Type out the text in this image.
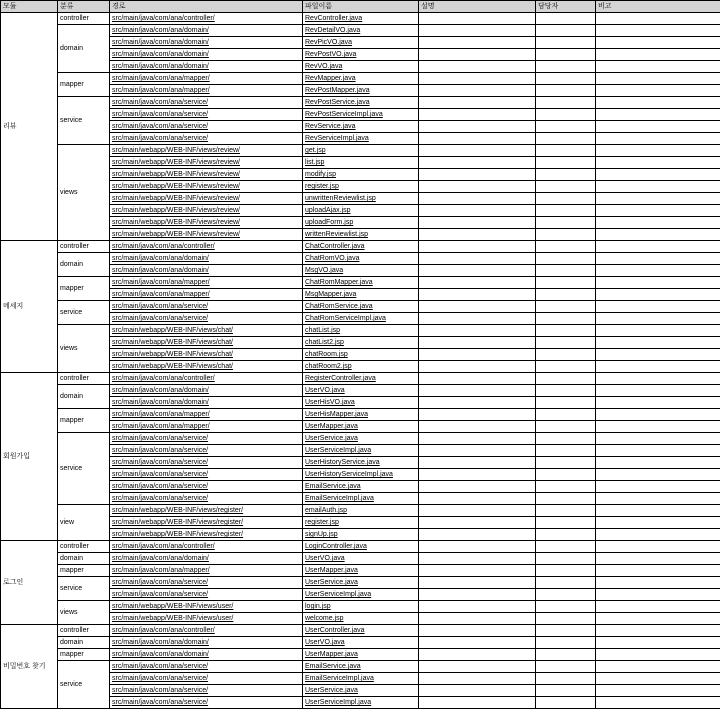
모듈	분류	경로	파일이름	설명	담당자	비고
리뷰	controller	src/main/java/com/ana/controller/	RevController.java			
	domain	src/main/java/com/ana/domain/	RevDetailVO.java			
		src/main/java/com/ana/domain/	RevPicVO.java			
		src/main/java/com/ana/domain/	RevPostVO.java			
		src/main/java/com/ana/domain/	RevVO.java			
	mapper	src/main/java/com/ana/mapper/	RevMapper.java			
		src/main/java/com/ana/mapper/	RevPostMapper.java			
	service	src/main/java/com/ana/service/	RevPostService.java			
		src/main/java/com/ana/service/	RevPostServiceImpl.java			
		src/main/java/com/ana/service/	RevService.java			
		src/main/java/com/ana/service/	RevServiceImpl.java			
	views	src/main/webapp/WEB-INF/views/review/	get.jsp			
		src/main/webapp/WEB-INF/views/review/	list.jsp			
		src/main/webapp/WEB-INF/views/review/	modify.jsp			
		src/main/webapp/WEB-INF/views/review/	register.jsp			
		src/main/webapp/WEB-INF/views/review/	unwrittenReviewlist.jsp			
		src/main/webapp/WEB-INF/views/review/	uploadAjax.jsp			
		src/main/webapp/WEB-INF/views/review/	uploadForm.jsp			
		src/main/webapp/WEB-INF/views/review/	writtenReviewlist.jsp			
메세지	controller	src/main/java/com/ana/controller/	ChatController.java			
	domain	src/main/java/com/ana/domain/	ChatRomVO.java			
		src/main/java/com/ana/domain/	MsgVO.java			
	mapper	src/main/java/com/ana/mapper/	ChatRomMapper.java			
		src/main/java/com/ana/mapper/	MsgMapper.java			
	service	src/main/java/com/ana/service/	ChatRomService.java			
		src/main/java/com/ana/service/	ChatRomServiceImpl.java			
	views	src/main/webapp/WEB-INF/views/chat/	chatList.jsp			
		src/main/webapp/WEB-INF/views/chat/	chatList2.jsp			
		src/main/webapp/WEB-INF/views/chat/	chatRoom.jsp			
		src/main/webapp/WEB-INF/views/chat/	chatRoom2.jsp			
회원가입	controller	src/main/java/com/ana/controller/	RegisterController.java			
	domain	src/main/java/com/ana/domain/	UserVO.java			
		src/main/java/com/ana/domain/	UserHisVO.java			
	mapper	src/main/java/com/ana/mapper/	UserHisMapper.java			
		src/main/java/com/ana/mapper/	UserMapper.java			
	service	src/main/java/com/ana/service/	UserService.java			
		src/main/java/com/ana/service/	UserServiceImpl.java			
		src/main/java/com/ana/service/	UserHistoryService.java			
		src/main/java/com/ana/service/	UserHistoryServiceImpl.java			
		src/main/java/com/ana/service/	EmailService.java			
		src/main/java/com/ana/service/	EmailServiceImpl.java			
	view	src/main/webapp/WEB-INF/views/register/	emailAuth.jsp			
		src/main/webapp/WEB-INF/views/register/	register.jsp			
		src/main/webapp/WEB-INF/views/register/	signUp.jsp			
로그인	controller	src/main/java/com/ana/controller/	LoginController.java			
	domain	src/main/java/com/ana/domain/	UserVO.java			
	mapper	src/main/java/com/ana/mapper/	UserMapper.java			
	service	src/main/java/com/ana/service/	UserService.java			
		src/main/java/com/ana/service/	UserServiceImpl.java			
	views	src/main/webapp/WEB-INF/views/user/	login.jsp			
		src/main/webapp/WEB-INF/views/user/	welcome.jsp			
비밀번호 찾기	controller	src/main/java/com/ana/controller/	UserController.java			
	domain	src/main/java/com/ana/domain/	UserVO.java			
	mapper	src/main/java/com/ana/domain/	UserMapper.java			
	service	src/main/java/com/ana/service/	EmailService.java			
		src/main/java/com/ana/service/	EmailServiceImpl.java			
		src/main/java/com/ana/service/	UserService.java			
		src/main/java/com/ana/service/	UserServiceImpl.java			
